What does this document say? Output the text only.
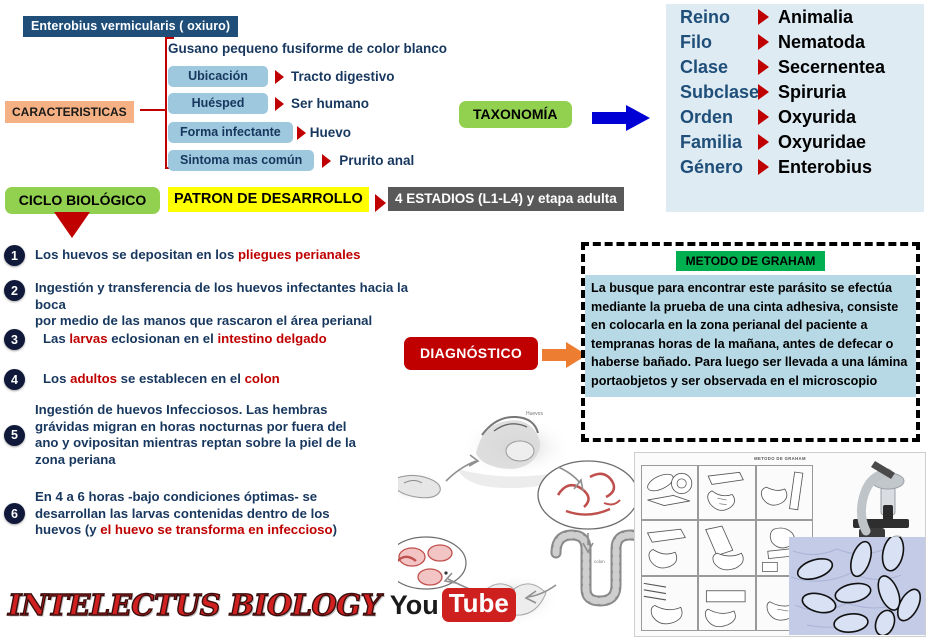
Enterobius vermicularis ( oxiuro)
CARACTERISTICAS
Gusano pequeno fusiforme de color blanco
Ubicación	Tracto digestivo
Huésped	Ser humano
Forma infectante	Huevo
Sintoma mas común	Prurito anal
TAXONOMÍA
Reino	Animalia
Filo	Nematoda
Clase	Secernentea
Subclase Spiruria
Orden	Oxyurida
Familia	Oxyuridae
Género	Enterobius
CICLO BIOLÓGICO	PATRON DE DESARROLLO	4 ESTADIOS (L1-L4) y etapa adulta
1	Los huevos se depositan en los pliegues perianales
2	Ingestión y transferencia de los huevos infectantes hacia la boca
por medio de las manos que rascaron el área perianal
3	Las larvas eclosionan en el intestino delgado
4	Los adultos se establecen en el colon
5
Ingestión de huevos Infecciosos. Las hembras
grávidas migran en horas nocturnas por fuera del
ano y ovipositan mientras reptan sobre la piel de la
zona periana
6
En 4 a 6 horas -bajo condiciones óptimas- se
desarrollan las larvas contenidas dentro de los
huevos (y el huevo se transforma en infeccioso)
DIAGNÓSTICO
METODO DE GRAHAM
La busque para encontrar este parásito se efectúa mediante la prueba de una cinta adhesiva, consiste en colocarla en la zona perianal del paciente a tempranas horas de la mañana, antes de defecar o haberse bañado. Para luego ser llevada a una lámina portaobjetos y ser observada en el microscopio
Huevos
colon
METODO DE GRAHAM
INTELECTUS BIOLOGY You Tube
